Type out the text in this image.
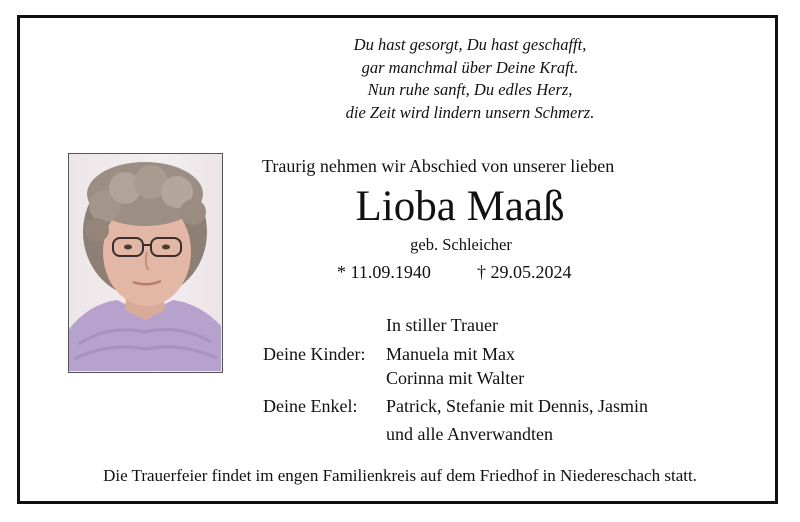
Du hast gesorgt, Du hast geschafft,
gar manchmal über Deine Kraft.
Nun ruhe sanft, Du edles Herz,
die Zeit wird lindern unsern Schmerz.
Traurig nehmen wir Abschied von unserer lieben
Lioba Maaß
geb. Schleicher
* 11.09.1940	† 29.05.2024
In stiller Trauer
Deine Kinder: Manuela mit Max
Corinna mit Walter
Deine Enkel: Patrick, Stefanie mit Dennis, Jasmin
und alle Anverwandten
Die Trauerfeier findet im engen Familienkreis auf dem Friedhof in Niedereschach statt.
